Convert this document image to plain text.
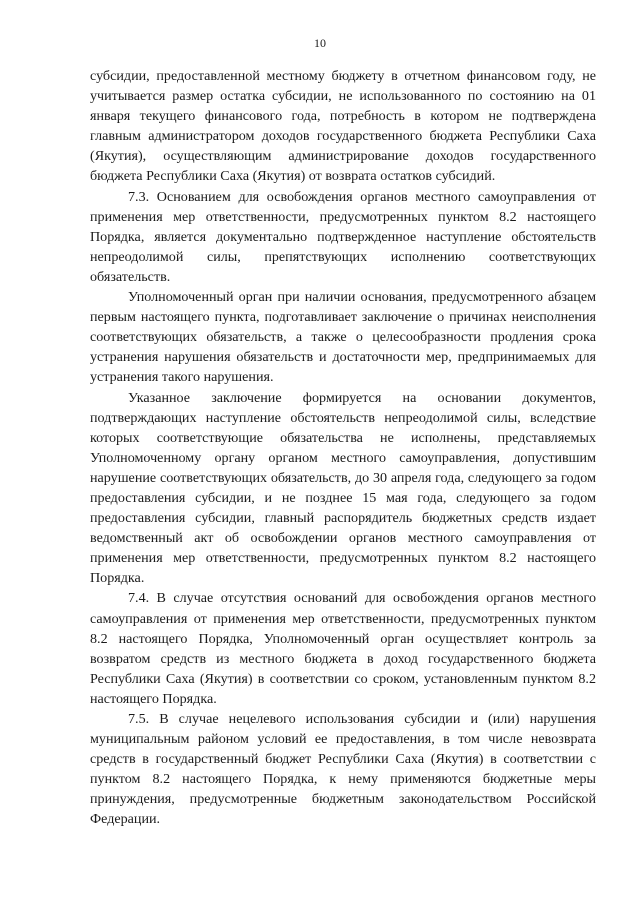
10

субсидии, предоставленной местному бюджету в отчетном финансовом году, не учитывается размер остатка субсидии, не использованного по состоянию на 01 января текущего финансового года, потребность в котором не подтверждена главным администратором доходов государственного бюджета Республики Саха (Якутия), осуществляющим администрирование доходов государственного бюджета Республики Саха (Якутия) от возврата остатков субсидий.

7.3. Основанием для освобождения органов местного самоуправления от применения мер ответственности, предусмотренных пунктом 8.2 настоящего Порядка, является документально подтвержденное наступление обстоятельств непреодолимой силы, препятствующих исполнению соответствующих обязательств.

Уполномоченный орган при наличии основания, предусмотренного абзацем первым настоящего пункта, подготавливает заключение о причинах неисполнения соответствующих обязательств, а также о целесообразности продления срока устранения нарушения обязательств и достаточности мер, предпринимаемых для устранения такого нарушения.

Указанное заключение формируется на основании документов, подтверждающих наступление обстоятельств непреодолимой силы, вследствие которых соответствующие обязательства не исполнены, представляемых Уполномоченному органу органом местного самоуправления, допустившим нарушение соответствующих обязательств, до 30 апреля года, следующего за годом предоставления субсидии, и не позднее 15 мая года, следующего за годом предоставления субсидии, главный распорядитель бюджетных средств издает ведомственный акт об освобождении органов местного самоуправления от применения мер ответственности, предусмотренных пунктом 8.2 настоящего Порядка.

7.4. В случае отсутствия оснований для освобождения органов местного самоуправления от применения мер ответственности, предусмотренных пунктом 8.2 настоящего Порядка, Уполномоченный орган осуществляет контроль за возвратом средств из местного бюджета в доход государственного бюджета Республики Саха (Якутия) в соответствии со сроком, установленным пунктом 8.2 настоящего Порядка.

7.5. В случае нецелевого использования субсидии и (или) нарушения муниципальным районом условий ее предоставления, в том числе невозврата средств в государственный бюджет Республики Саха (Якутия) в соответствии с пунктом 8.2 настоящего Порядка, к нему применяются бюджетные меры принуждения, предусмотренные бюджетным законодательством Российской Федерации.
